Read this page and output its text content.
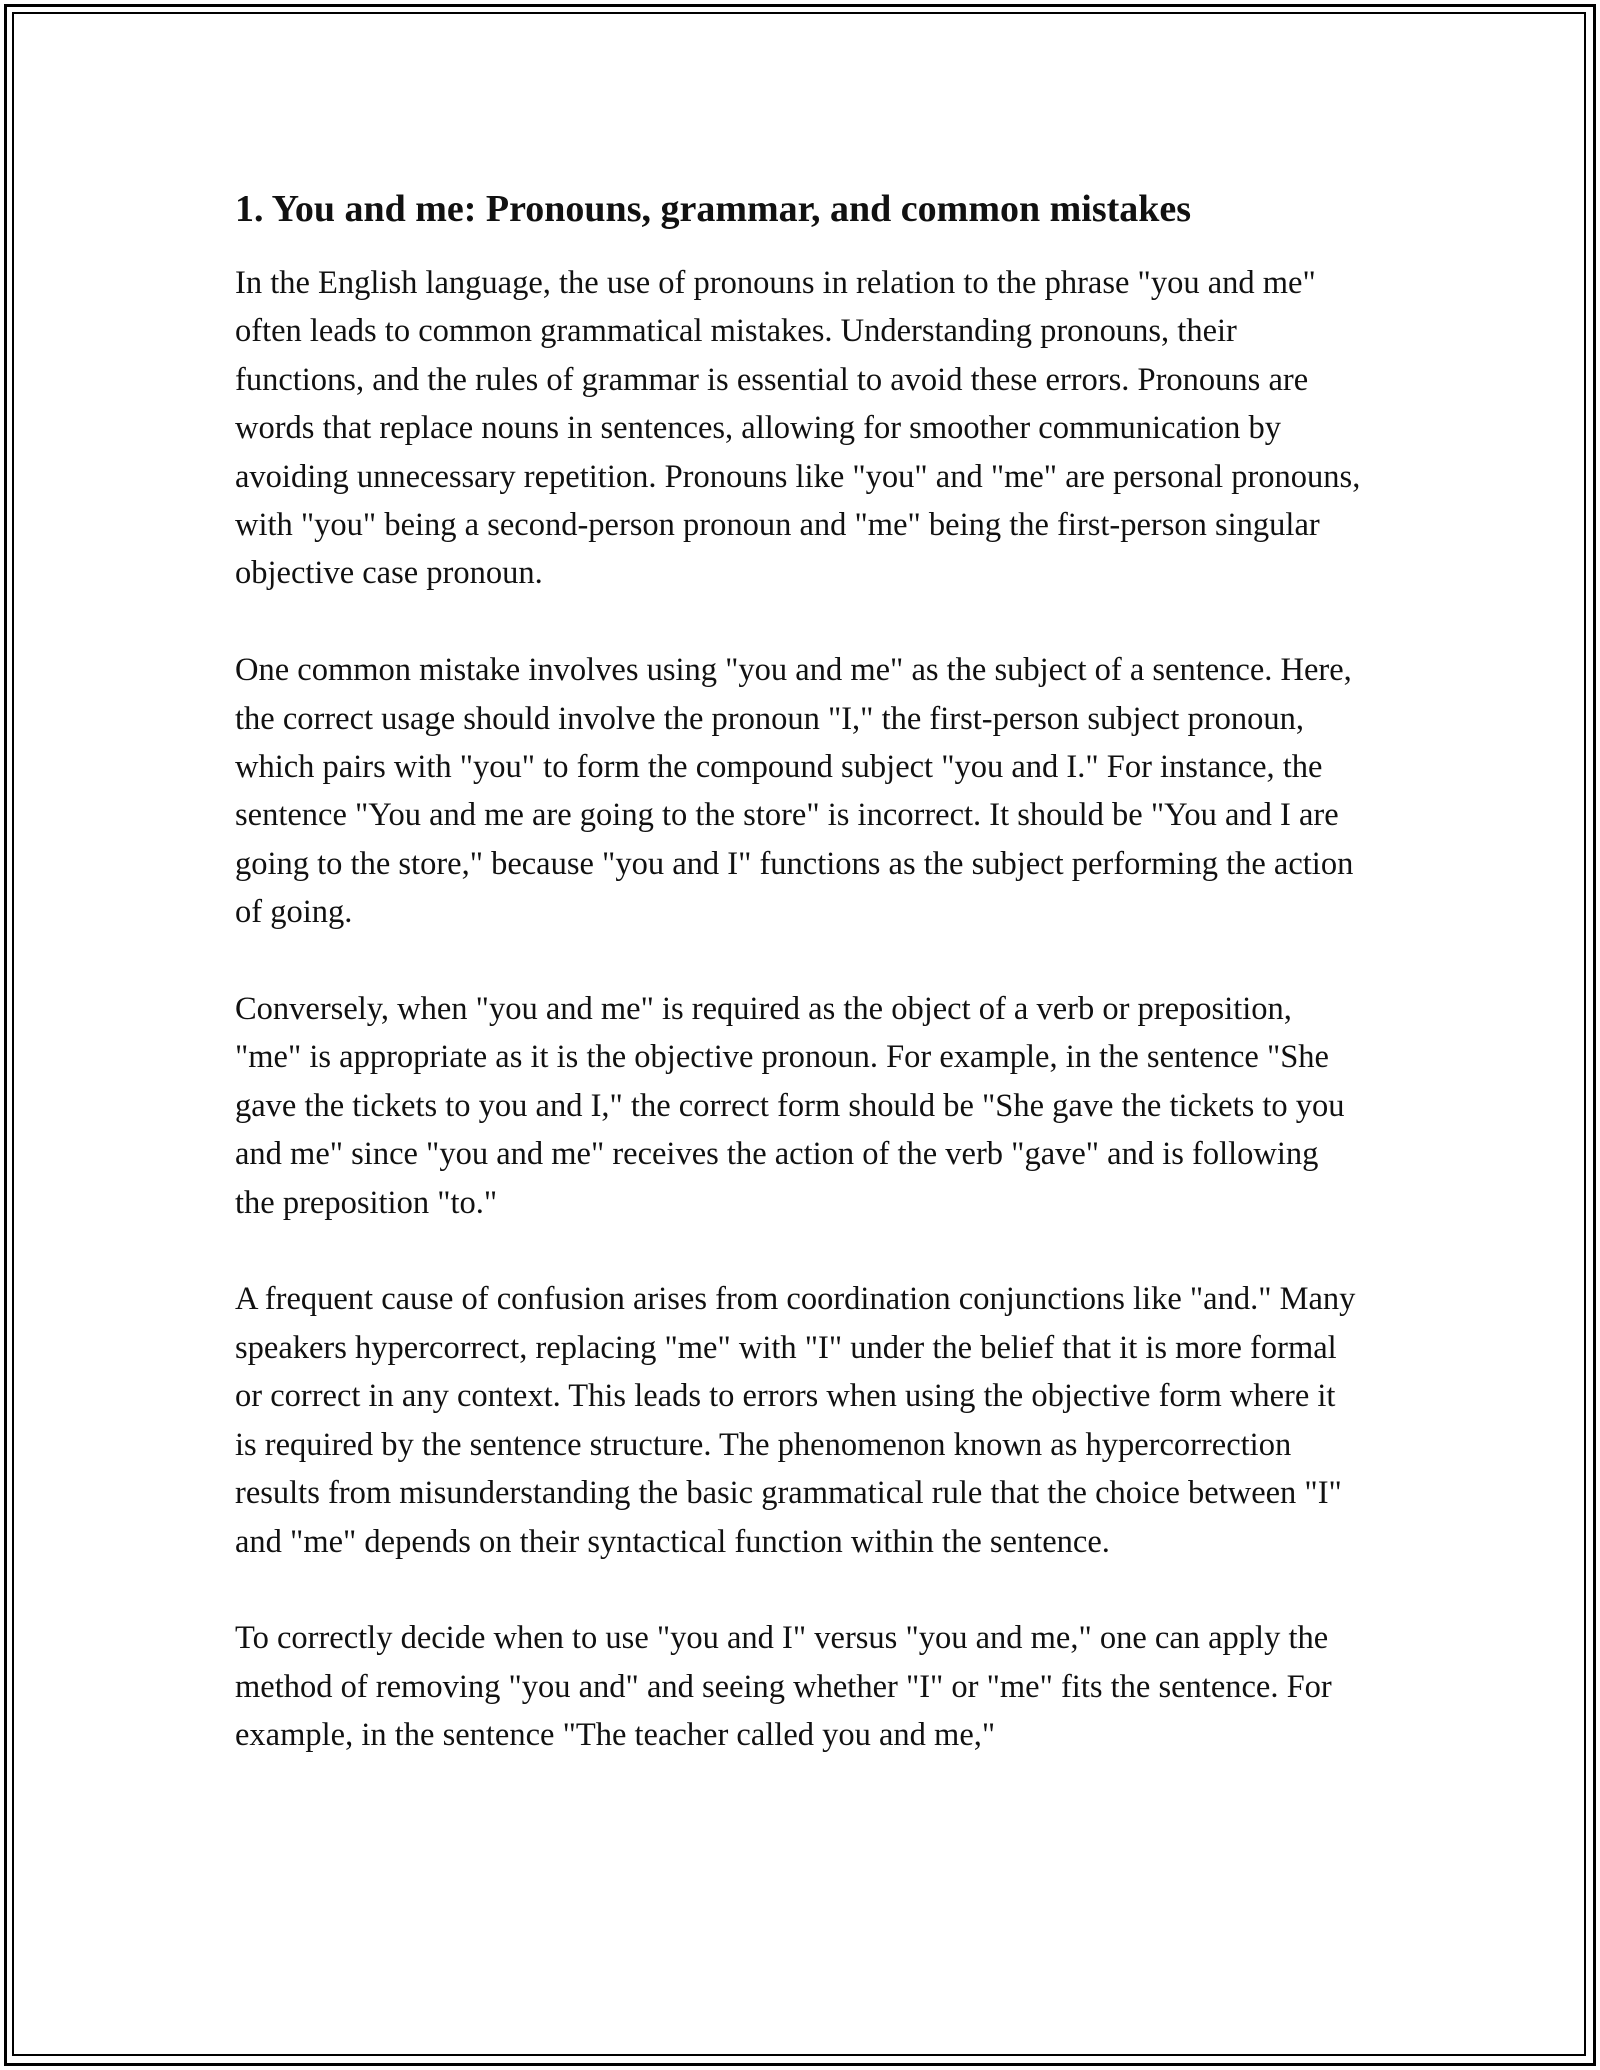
1. You and me: Pronouns, grammar, and common mistakes

In the English language, the use of pronouns in relation to the phrase "you and me" often leads to common grammatical mistakes. Understanding pronouns, their functions, and the rules of grammar is essential to avoid these errors. Pronouns are words that replace nouns in sentences, allowing for smoother communication by avoiding unnecessary repetition. Pronouns like "you" and "me" are personal pronouns, with "you" being a second-person pronoun and "me" being the first-person singular objective case pronoun.

One common mistake involves using "you and me" as the subject of a sentence. Here, the correct usage should involve the pronoun "I," the first-person subject pronoun, which pairs with "you" to form the compound subject "you and I." For instance, the sentence "You and me are going to the store" is incorrect. It should be "You and I are going to the store," because "you and I" functions as the subject performing the action of going.

Conversely, when "you and me" is required as the object of a verb or preposition, "me" is appropriate as it is the objective pronoun. For example, in the sentence "She gave the tickets to you and I," the correct form should be "She gave the tickets to you and me" since "you and me" receives the action of the verb "gave" and is following the preposition "to."

A frequent cause of confusion arises from coordination conjunctions like "and." Many speakers hypercorrect, replacing "me" with "I" under the belief that it is more formal or correct in any context. This leads to errors when using the objective form where it is required by the sentence structure. The phenomenon known as hypercorrection results from misunderstanding the basic grammatical rule that the choice between "I" and "me" depends on their syntactical function within the sentence.

To correctly decide when to use "you and I" versus "you and me," one can apply the method of removing "you and" and seeing whether "I" or "me" fits the sentence. For example, in the sentence "The teacher called you and me,"
